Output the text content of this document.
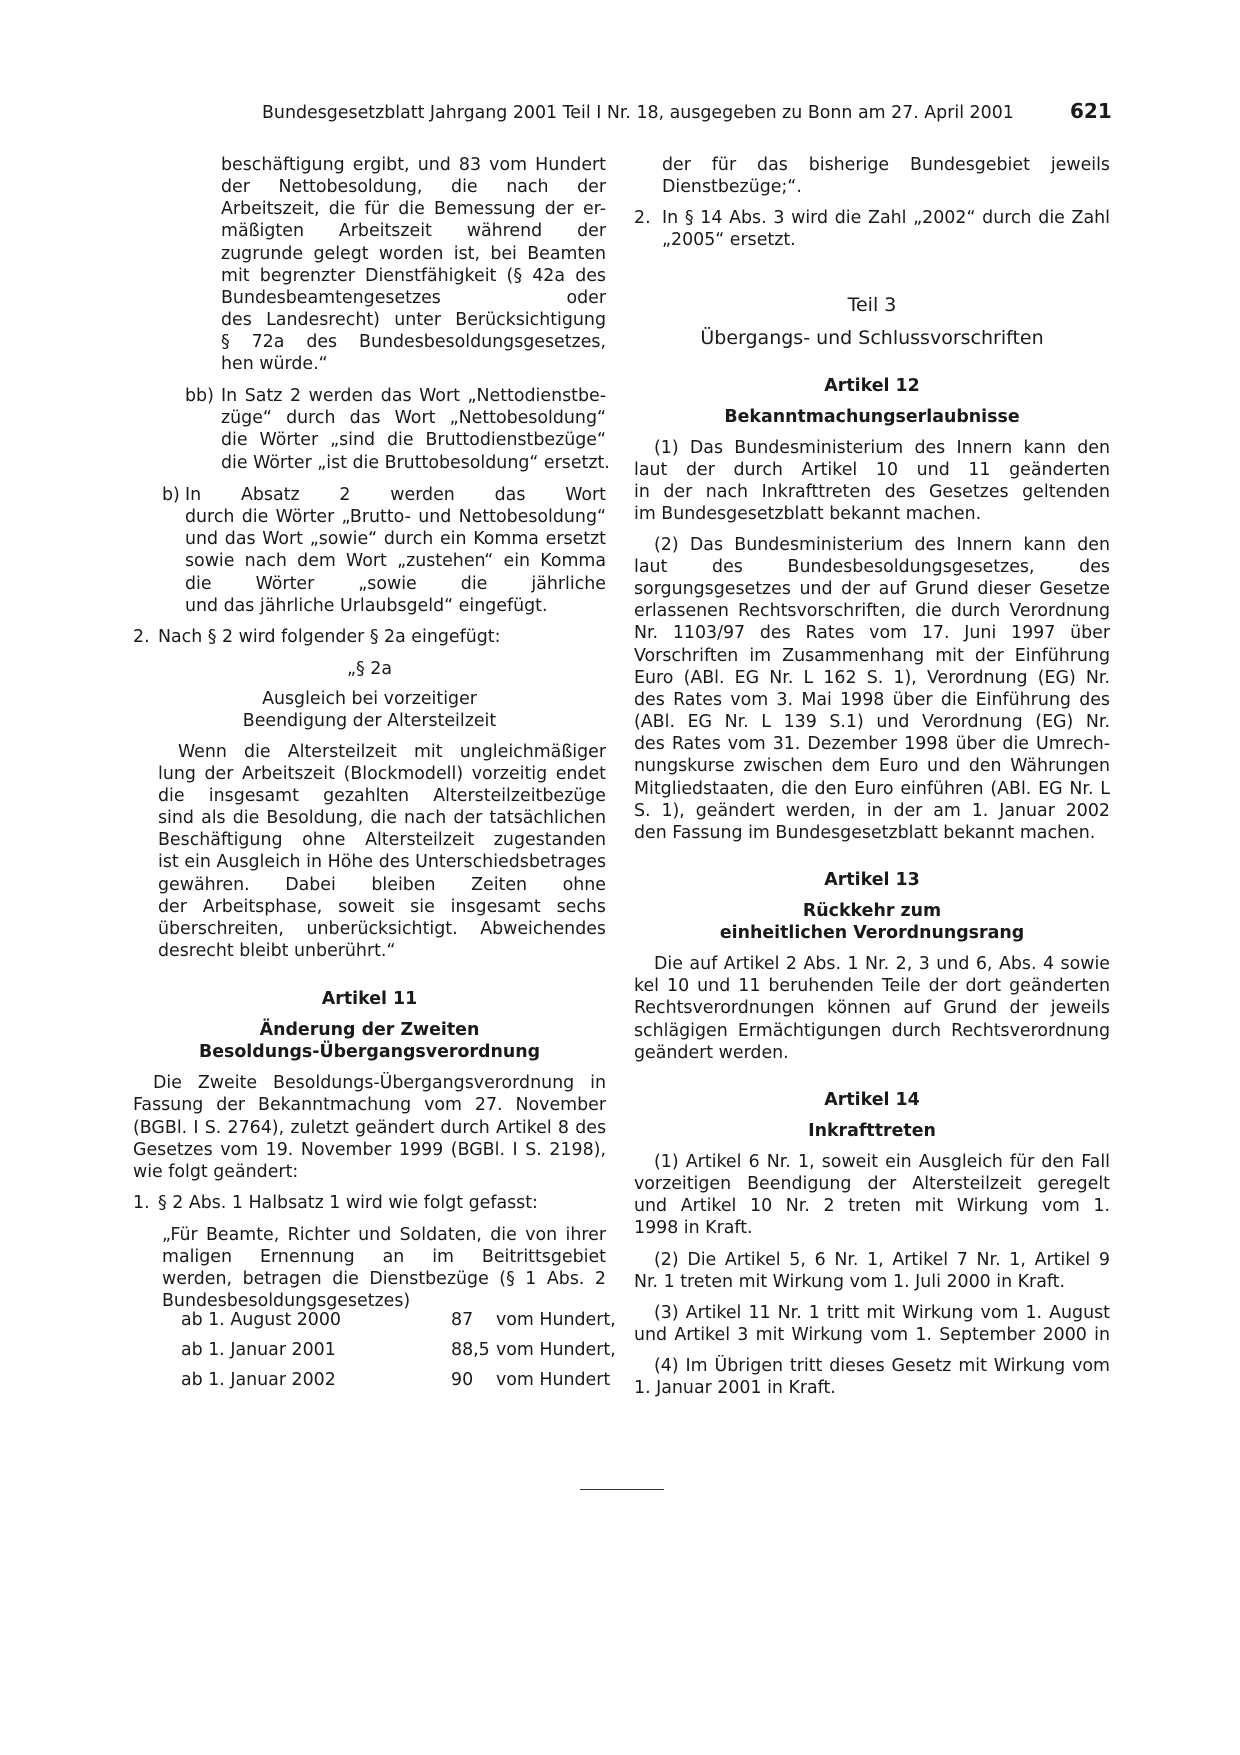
Bundesgesetzblatt Jahrgang 2001 Teil I Nr. 18, ausgegeben zu Bonn am 27. April 2001	621
beschäftigung ergibt, und 83 vom Hundert
der Nettobesoldung, die nach der
Arbeitszeit, die für die Bemessung der er-
mäßigten Arbeitszeit während der
zugrunde gelegt worden ist, bei Beamten
mit begrenzter Dienstfähigkeit (§ 42a des
Bundesbeamtengesetzes oder
des Landesrecht) unter Berücksichtigung
§ 72a des Bundesbesoldungsgesetzes,
hen würde.“
bb) In Satz 2 werden das Wort „Nettodienstbe-
züge“ durch das Wort „Nettobesoldung“
die Wörter „sind die Bruttodienstbezüge“
die Wörter „ist die Bruttobesoldung“ ersetzt.
b) In Absatz 2 werden das Wort
durch die Wörter „Brutto- und Nettobesoldung“
und das Wort „sowie“ durch ein Komma ersetzt
sowie nach dem Wort „zustehen“ ein Komma
die Wörter „sowie die jährliche
und das jährliche Urlaubsgeld“ eingefügt.
2. Nach § 2 wird folgender § 2a eingefügt:
„§ 2a
Ausgleich bei vorzeitiger
Beendigung der Altersteilzeit
Wenn die Altersteilzeit mit ungleichmäßiger
lung der Arbeitszeit (Blockmodell) vorzeitig endet
die insgesamt gezahlten Altersteilzeitbezüge
sind als die Besoldung, die nach der tatsächlichen
Beschäftigung ohne Altersteilzeit zugestanden
ist ein Ausgleich in Höhe des Unterschiedsbetrages
gewähren. Dabei bleiben Zeiten ohne
der Arbeitsphase, soweit sie insgesamt sechs
überschreiten, unberücksichtigt. Abweichendes
desrecht bleibt unberührt.“
Artikel 11
Änderung der Zweiten
Besoldungs-Übergangsverordnung
Die Zweite Besoldungs-Übergangsverordnung in
Fassung der Bekanntmachung vom 27. November
(BGBl. I S. 2764), zuletzt geändert durch Artikel 8 des
Gesetzes vom 19. November 1999 (BGBl. I S. 2198),
wie folgt geändert:
1. § 2 Abs. 1 Halbsatz 1 wird wie folgt gefasst:
„Für Beamte, Richter und Soldaten, die von ihrer
maligen Ernennung an im Beitrittsgebiet
werden, betragen die Dienstbezüge (§ 1 Abs. 2
Bundesbesoldungsgesetzes)
ab 1. August 2000	87 vom Hundert,
ab 1. Januar 2001	88,5 vom Hundert,
ab 1. Januar 2002	90 vom Hundert
der für das bisherige Bundesgebiet jeweils
Dienstbezüge;“.
2. In § 14 Abs. 3 wird die Zahl „2002“ durch die Zahl
„2005“ ersetzt.
Teil 3
Übergangs- und Schlussvorschriften
Artikel 12
Bekanntmachungserlaubnisse
(1) Das Bundesministerium des Innern kann den
laut der durch Artikel 10 und 11 geänderten
in der nach Inkrafttreten des Gesetzes geltenden
im Bundesgesetzblatt bekannt machen.
(2) Das Bundesministerium des Innern kann den
laut des Bundesbesoldungsgesetzes, des
sorgungsgesetzes und der auf Grund dieser Gesetze
erlassenen Rechtsvorschriften, die durch Verordnung
Nr. 1103/97 des Rates vom 17. Juni 1997 über
Vorschriften im Zusammenhang mit der Einführung
Euro (ABl. EG Nr. L 162 S. 1), Verordnung (EG) Nr.
des Rates vom 3. Mai 1998 über die Einführung des
(ABl. EG Nr. L 139 S.1) und Verordnung (EG) Nr.
des Rates vom 31. Dezember 1998 über die Umrech-
nungskurse zwischen dem Euro und den Währungen
Mitgliedstaaten, die den Euro einführen (ABl. EG Nr. L
S. 1), geändert werden, in der am 1. Januar 2002
den Fassung im Bundesgesetzblatt bekannt machen.
Artikel 13
Rückkehr zum
einheitlichen Verordnungsrang
Die auf Artikel 2 Abs. 1 Nr. 2, 3 und 6, Abs. 4 sowie
kel 10 und 11 beruhenden Teile der dort geänderten
Rechtsverordnungen können auf Grund der jeweils
schlägigen Ermächtigungen durch Rechtsverordnung
geändert werden.
Artikel 14
Inkrafttreten
(1) Artikel 6 Nr. 1, soweit ein Ausgleich für den Fall
vorzeitigen Beendigung der Altersteilzeit geregelt
und Artikel 10 Nr. 2 treten mit Wirkung vom 1.
1998 in Kraft.
(2) Die Artikel 5, 6 Nr. 1, Artikel 7 Nr. 1, Artikel 9
Nr. 1 treten mit Wirkung vom 1. Juli 2000 in Kraft.
(3) Artikel 11 Nr. 1 tritt mit Wirkung vom 1. August
und Artikel 3 mit Wirkung vom 1. September 2000 in
(4) Im Übrigen tritt dieses Gesetz mit Wirkung vom
1. Januar 2001 in Kraft.
